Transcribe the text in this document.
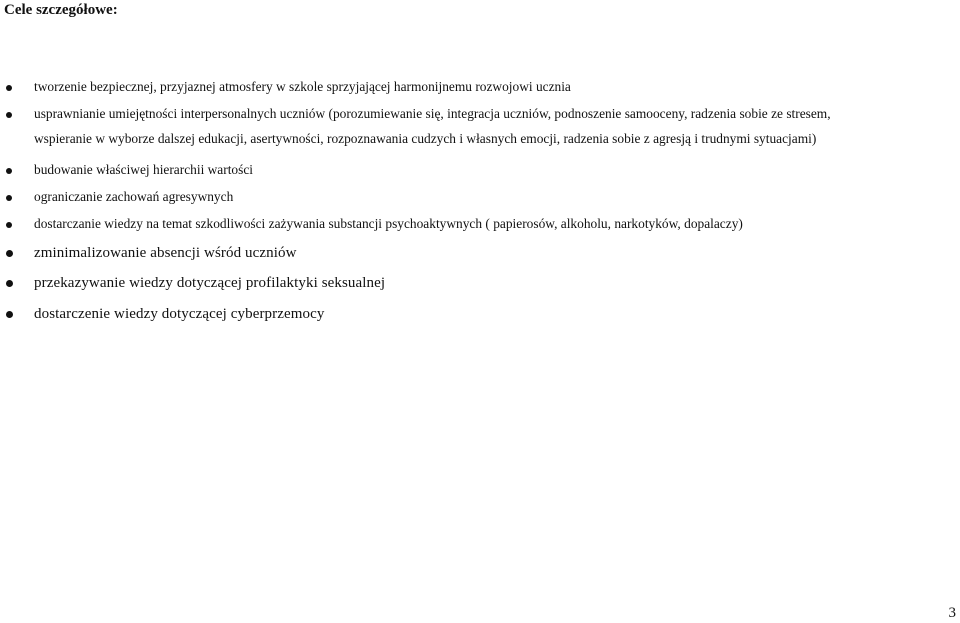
Cele szczegółowe:
tworzenie bezpiecznej, przyjaznej atmosfery w szkole sprzyjającej harmonijnemu rozwojowi ucznia
usprawnianie umiejętności interpersonalnych uczniów (porozumiewanie się, integracja uczniów, podnoszenie samooceny, radzenia sobie ze stresem,
wspieranie w wyborze dalszej edukacji, asertywności, rozpoznawania cudzych i własnych emocji, radzenia sobie z agresją i trudnymi sytuacjami)
budowanie właściwej hierarchii wartości
ograniczanie zachowań agresywnych
dostarczanie wiedzy na temat szkodliwości zażywania substancji psychoaktywnych ( papierosów, alkoholu, narkotyków, dopalaczy)
zminimalizowanie absencji wśród uczniów
przekazywanie wiedzy dotyczącej profilaktyki seksualnej
dostarczenie wiedzy dotyczącej cyberprzemocy
3
